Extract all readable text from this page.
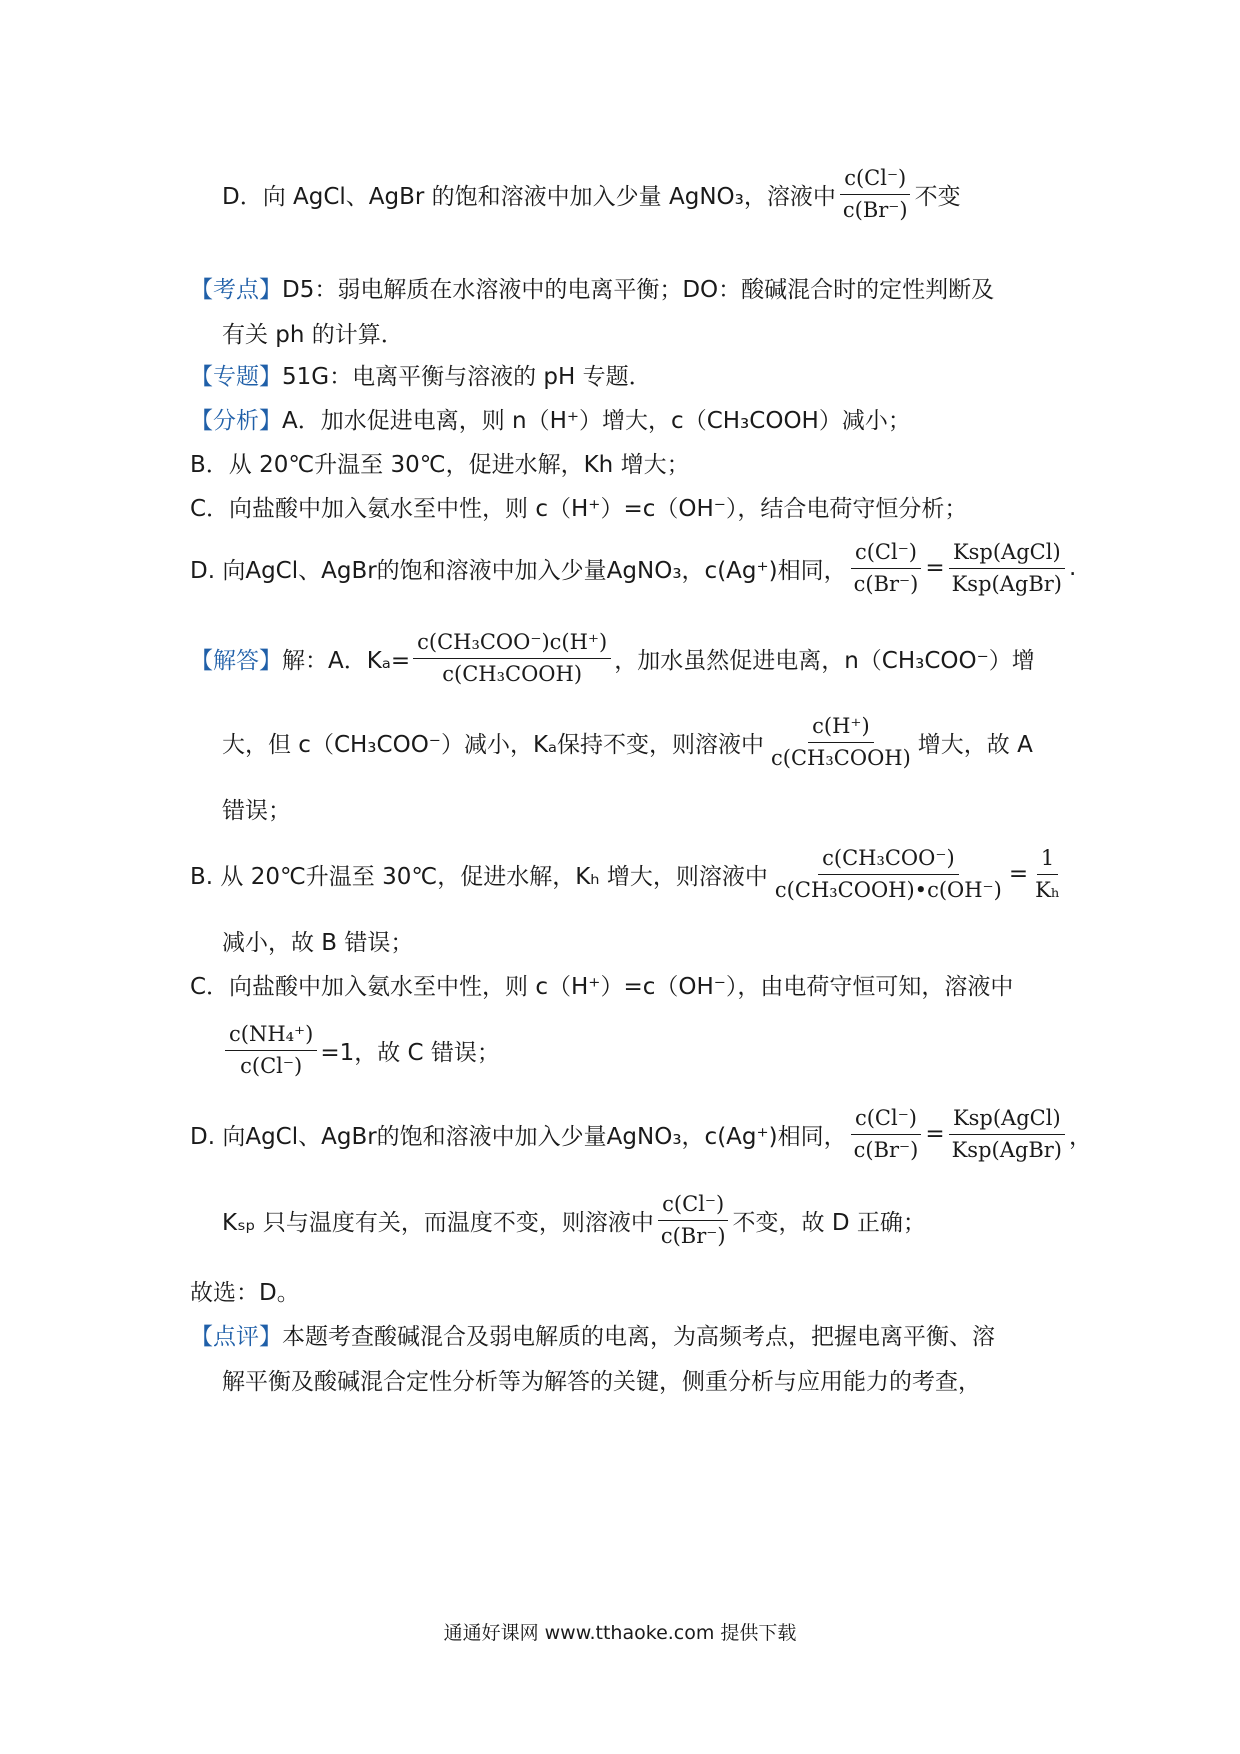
D．向 AgCl、AgBr 的饱和溶液中加入少量 AgNO₃，溶液中 $\frac{c(Cl^-)}{c(Br^-)}$ 不变
【考点】 D5：弱电解质在水溶液中的电离平衡；DO：酸碱混合时的定性判断及
有关 ph 的计算．
【专题】 51G：电离平衡与溶液的 pH 专题．
【分析】 A．加水促进电离，则 n（H⁺）增大，c（CH₃COOH）减小；
B．从 20℃升温至 30℃，促进水解，Kh 增大；
C．向盐酸中加入氨水至中性，则 c（H⁺）=c（OH⁻），结合电荷守恒分析；
D. 向AgCl、AgBr的饱和溶液中加入少量AgNO₃，c(Ag⁺)相同， $\frac{c(Cl^-)}{c(Br^-)} = \frac{\text{Ksp(AgCl)}}{\text{Ksp(AgBr)}}$ .
【解答】 解：A．$K_a= \frac{\text{c(CH₃COO⁻)c(H⁺)}}{\text{c(CH₃COOH)}}$ ，加水虽然促进电离，n（CH₃COO⁻）增
大，但 c（CH₃COO⁻）减小，Kₐ保持不变，则溶液中 $\frac{c(H^+)}{\text{c(CH₃COOH)}}$ 增大，故 A
错误；
B. 从 20℃升温至 30℃，促进水解，Kₕ 增大，则溶液中 $\frac{\text{c(CH₃COO⁻)}}{\text{c(CH₃COOH)•c(OH⁻)}} = \frac{1}{\text{Kₕ}}$
减小，故 B 错误；
C．向盐酸中加入氨水至中性，则 c（H⁺）=c（OH⁻），由电荷守恒可知，溶液中
$\frac{\text{c(NH₄⁺)}}{c(Cl^-)} =1$，故 C 错误；
D. 向AgCl、AgBr的饱和溶液中加入少量AgNO₃，c(Ag⁺)相同， $\frac{c(Cl^-)}{c(Br^-)} = \frac{\text{Ksp(AgCl)}}{\text{Ksp(AgBr)}}$ ，
Kₛₚ 只与温度有关，而温度不变，则溶液中 $\frac{c(Cl^-)}{c(Br^-)}$ 不变，故 D 正确；
故选：D。
【点评】 本题考查酸碱混合及弱电解质的电离，为高频考点，把握电离平衡、溶
解平衡及酸碱混合定性分析等为解答的关键，侧重分析与应用能力的考查，
通通好课网 www.tthaoke.com 提供下载
